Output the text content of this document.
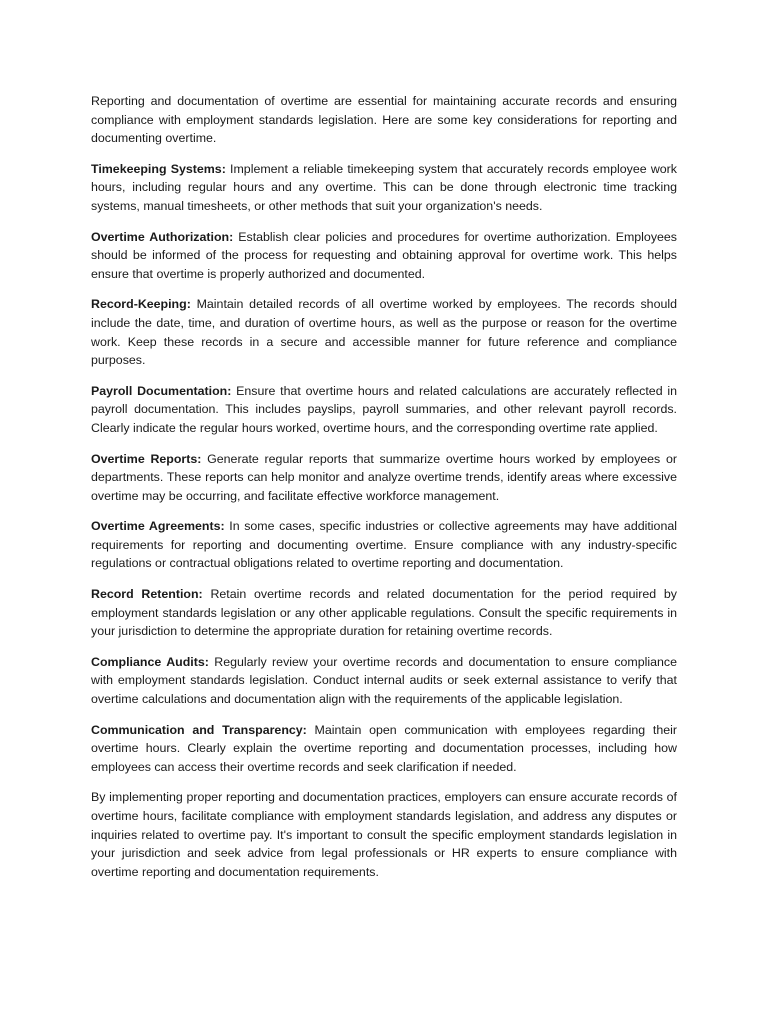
Reporting and documentation of overtime are essential for maintaining accurate records and ensuring compliance with employment standards legislation. Here are some key considerations for reporting and documenting overtime.

Timekeeping Systems: Implement a reliable timekeeping system that accurately records employee work hours, including regular hours and any overtime. This can be done through electronic time tracking systems, manual timesheets, or other methods that suit your organization's needs.

Overtime Authorization: Establish clear policies and procedures for overtime authorization. Employees should be informed of the process for requesting and obtaining approval for overtime work. This helps ensure that overtime is properly authorized and documented.

Record-Keeping: Maintain detailed records of all overtime worked by employees. The records should include the date, time, and duration of overtime hours, as well as the purpose or reason for the overtime work. Keep these records in a secure and accessible manner for future reference and compliance purposes.

Payroll Documentation: Ensure that overtime hours and related calculations are accurately reflected in payroll documentation. This includes payslips, payroll summaries, and other relevant payroll records. Clearly indicate the regular hours worked, overtime hours, and the corresponding overtime rate applied.

Overtime Reports: Generate regular reports that summarize overtime hours worked by employees or departments. These reports can help monitor and analyze overtime trends, identify areas where excessive overtime may be occurring, and facilitate effective workforce management.

Overtime Agreements: In some cases, specific industries or collective agreements may have additional requirements for reporting and documenting overtime. Ensure compliance with any industry-specific regulations or contractual obligations related to overtime reporting and documentation.

Record Retention: Retain overtime records and related documentation for the period required by employment standards legislation or any other applicable regulations. Consult the specific requirements in your jurisdiction to determine the appropriate duration for retaining overtime records.

Compliance Audits: Regularly review your overtime records and documentation to ensure compliance with employment standards legislation. Conduct internal audits or seek external assistance to verify that overtime calculations and documentation align with the requirements of the applicable legislation.

Communication and Transparency: Maintain open communication with employees regarding their overtime hours. Clearly explain the overtime reporting and documentation processes, including how employees can access their overtime records and seek clarification if needed.

By implementing proper reporting and documentation practices, employers can ensure accurate records of overtime hours, facilitate compliance with employment standards legislation, and address any disputes or inquiries related to overtime pay. It's important to consult the specific employment standards legislation in your jurisdiction and seek advice from legal professionals or HR experts to ensure compliance with overtime reporting and documentation requirements.
